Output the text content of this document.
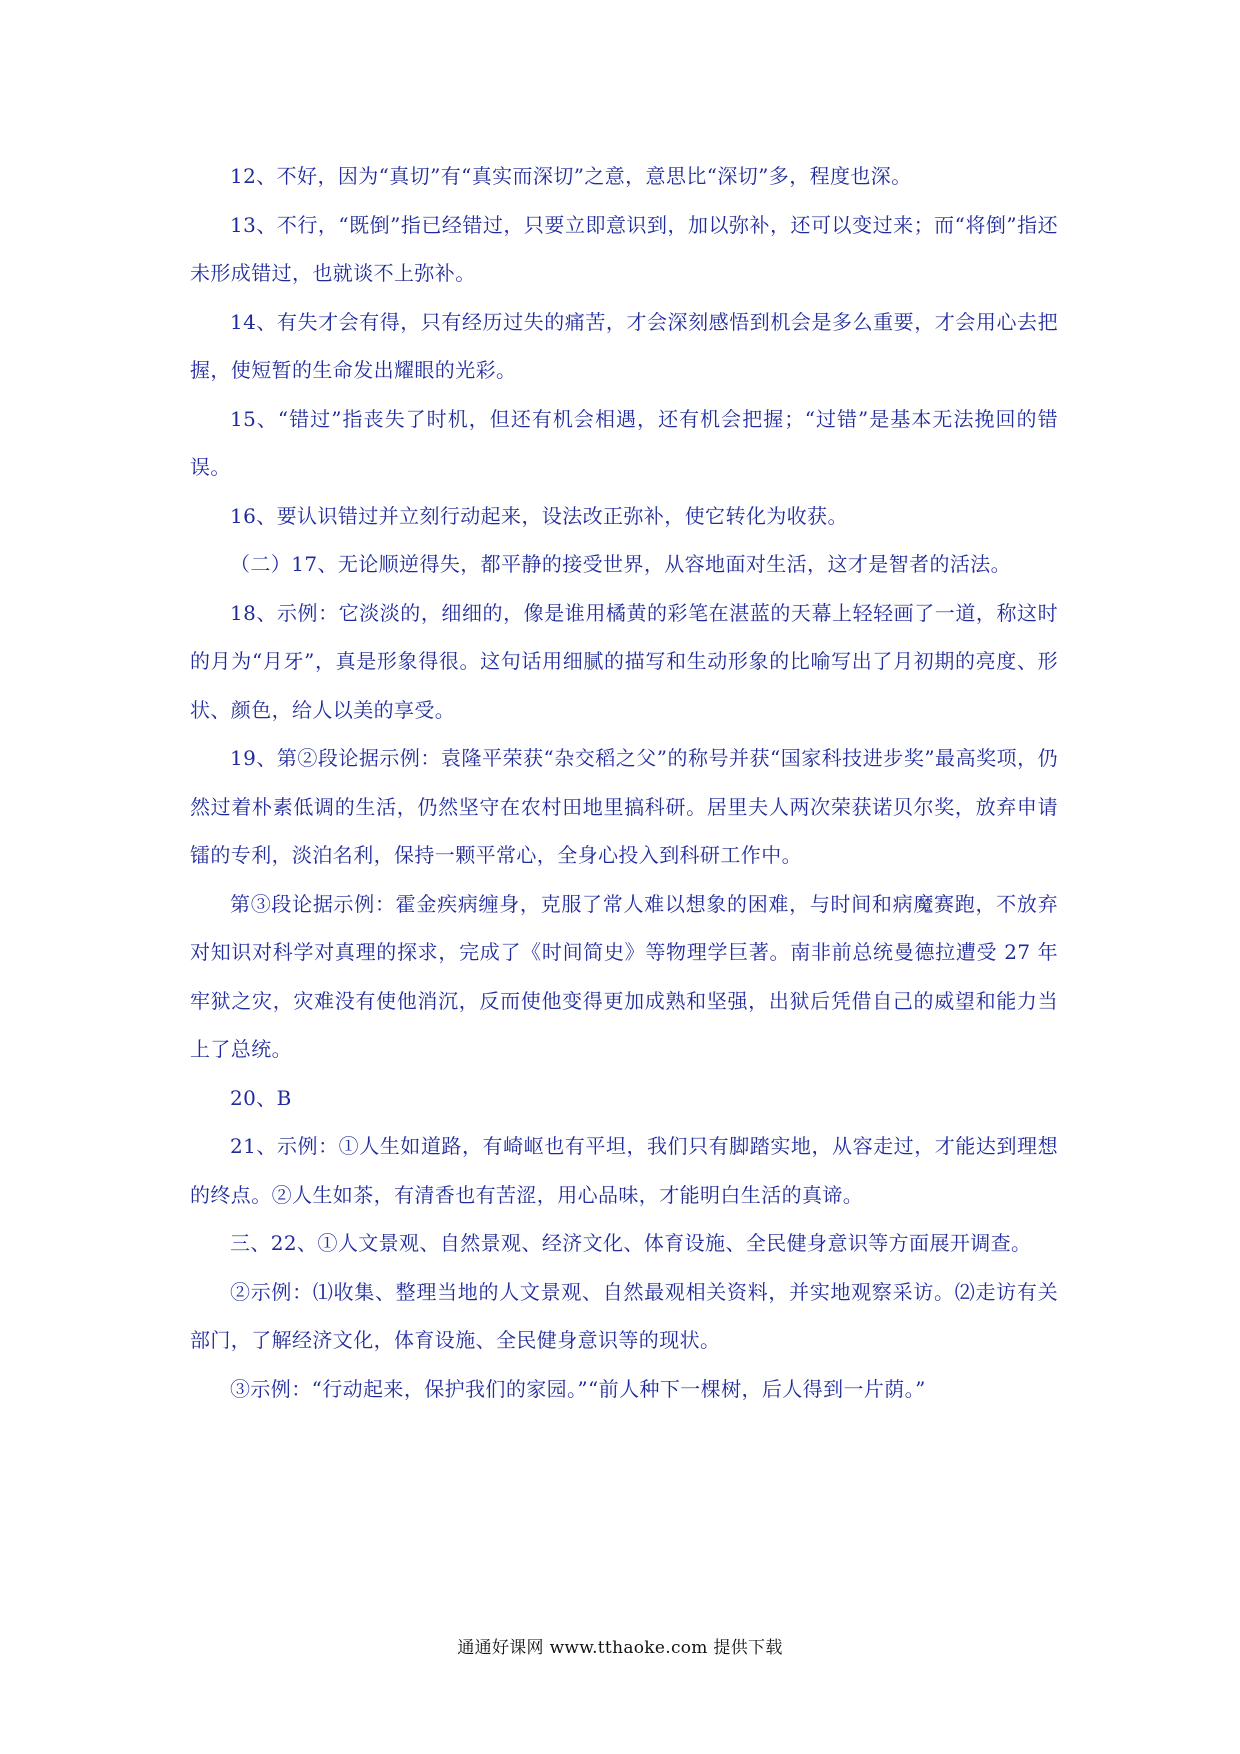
12、不好，因为“真切”有“真实而深切”之意，意思比“深切”多，程度也深。

13、不行，“既倒”指已经错过，只要立即意识到，加以弥补，还可以变过来；而“将倒”指还未形成错过，也就谈不上弥补。

14、有失才会有得，只有经历过失的痛苦，才会深刻感悟到机会是多么重要，才会用心去把握，使短暂的生命发出耀眼的光彩。

15、“错过”指丧失了时机，但还有机会相遇，还有机会把握；“过错”是基本无法挽回的错误。

16、要认识错过并立刻行动起来，设法改正弥补，使它转化为收获。

（二）17、无论顺逆得失，都平静的接受世界，从容地面对生活，这才是智者的活法。

18、示例：它淡淡的，细细的，像是谁用橘黄的彩笔在湛蓝的天幕上轻轻画了一道，称这时的月为“月牙”，真是形象得很。这句话用细腻的描写和生动形象的比喻写出了月初期的亮度、形状、颜色，给人以美的享受。

19、第②段论据示例：袁隆平荣获“杂交稻之父”的称号并获“国家科技进步奖”最高奖项，仍然过着朴素低调的生活，仍然坚守在农村田地里搞科研。居里夫人两次荣获诺贝尔奖，放弃申请镭的专利，淡泊名利，保持一颗平常心，全身心投入到科研工作中。

第③段论据示例：霍金疾病缠身，克服了常人难以想象的困难，与时间和病魔赛跑，不放弃对知识对科学对真理的探求，完成了《时间简史》等物理学巨著。南非前总统曼德拉遭受 27 年牢狱之灾，灾难没有使他消沉，反而使他变得更加成熟和坚强，出狱后凭借自己的威望和能力当上了总统。

20、B

21、示例：①人生如道路，有崎岖也有平坦，我们只有脚踏实地，从容走过，才能达到理想的终点。②人生如茶，有清香也有苦涩，用心品味，才能明白生活的真谛。

三、22、①人文景观、自然景观、经济文化、体育设施、全民健身意识等方面展开调查。

②示例：⑴收集、整理当地的人文景观、自然最观相关资料，并实地观察采访。⑵走访有关部门，了解经济文化，体育设施、全民健身意识等的现状。

③示例：“行动起来，保护我们的家园。”“前人种下一棵树，后人得到一片荫。”

通通好课网 www.tthaoke.com 提供下载
